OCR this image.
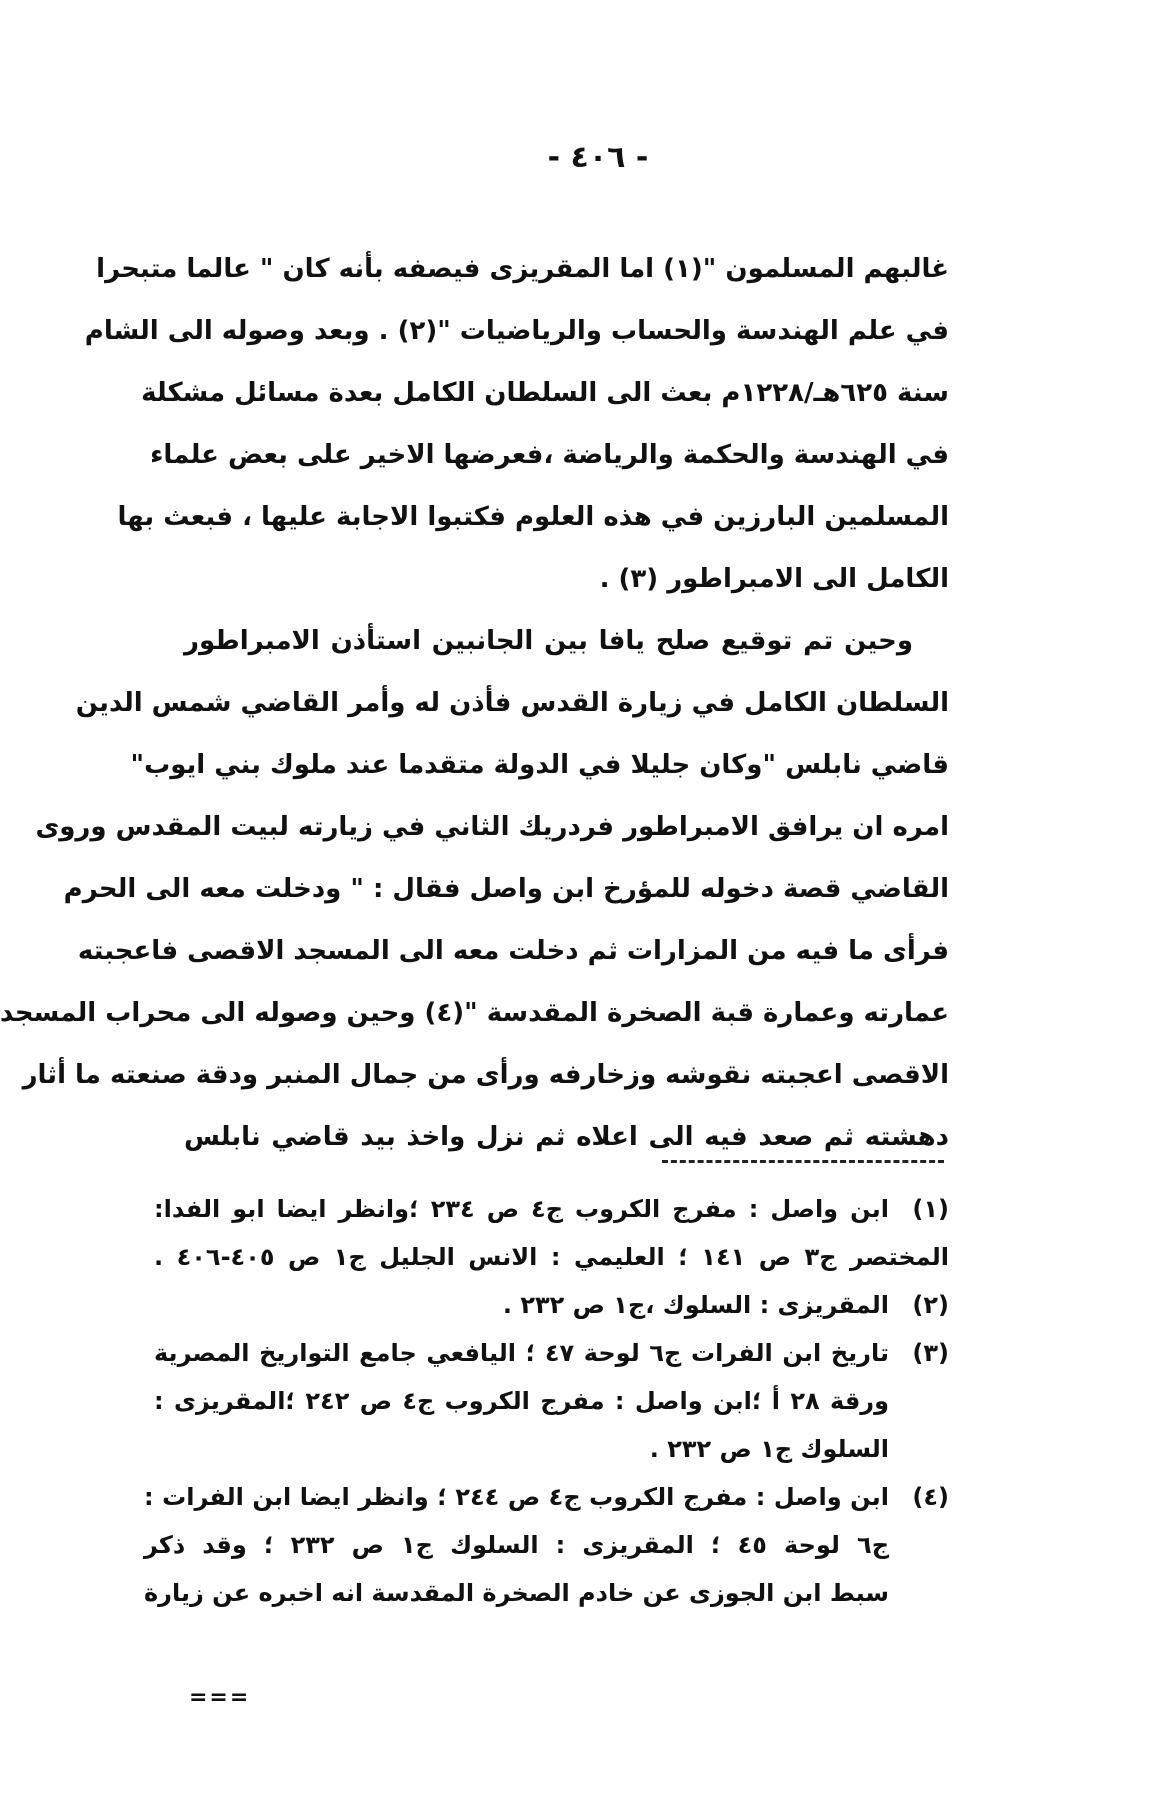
- ٤٠٦ -
غالبهم المسلمون "(١) اما المقريزى فيصفه بأنه كان " عالما متبحرا
في علم الهندسة والحساب والرياضيات "(٢) . وبعد وصوله الى الشام
سنة ٦٢٥هـ/١٢٢٨م بعث الى السلطان الكامل بعدة مسائل مشكلة
في الهندسة والحكمة والرياضة ،فعرضها الاخير على بعض علماء
المسلمين البارزين في هذه العلوم فكتبوا الاجابة عليها ، فبعث بها
الكامل الى الامبراطور (٣) .
وحين تم توقيع صلح يافا بين الجانبين استأذن الامبراطور
السلطان الكامل في زيارة القدس فأذن له وأمر القاضي شمس الدين
قاضي نابلس "وكان جليلا في الدولة متقدما عند ملوك بني ايوب"
امره ان يرافق الامبراطور فردريك الثاني في زيارته لبيت المقدس وروى
القاضي قصة دخوله للمؤرخ ابن واصل فقال : " ودخلت معه الى الحرم
فرأى ما فيه من المزارات ثم دخلت معه الى المسجد الاقصى فاعجبته
عمارته وعمارة قبة الصخرة المقدسة "(٤) وحين وصوله الى محراب المسجد
الاقصى اعجبته نقوشه وزخارفه ورأى من جمال المنبر ودقة صنعته ما أثار
دهشته ثم صعد فيه الى اعلاه ثم نزل واخذ بيد قاضي نابلس
(١)
ابن واصل : مفرج الكروب ج٤ ص ٢٣٤ ؛وانظر ايضا ابو الفدا:
المختصر ج٣ ص ١٤١ ؛ العليمي : الانس الجليل ج١ ص ٤٠٥-٤٠٦ .
(٢)
المقريزى : السلوك ،ج١ ص ٢٣٢ .
(٣)
تاريخ ابن الفرات ج٦ لوحة ٤٧ ؛ اليافعي جامع التواريخ المصرية
ورقة ٢٨ أ ؛ابن واصل : مفرج الكروب ج٤ ص ٢٤٢ ؛المقريزى :
السلوك ج١ ص ٢٣٢ .
(٤)
ابن واصل : مفرج الكروب ج٤ ص ٢٤٤ ؛ وانظر ايضا ابن الفرات :
ج٦ لوحة ٤٥ ؛ المقريزى : السلوك ج١ ص ٢٣٢ ؛ وقد ذكر
سبط ابن الجوزى عن خادم الصخرة المقدسة انه اخبره عن زيارة
===
